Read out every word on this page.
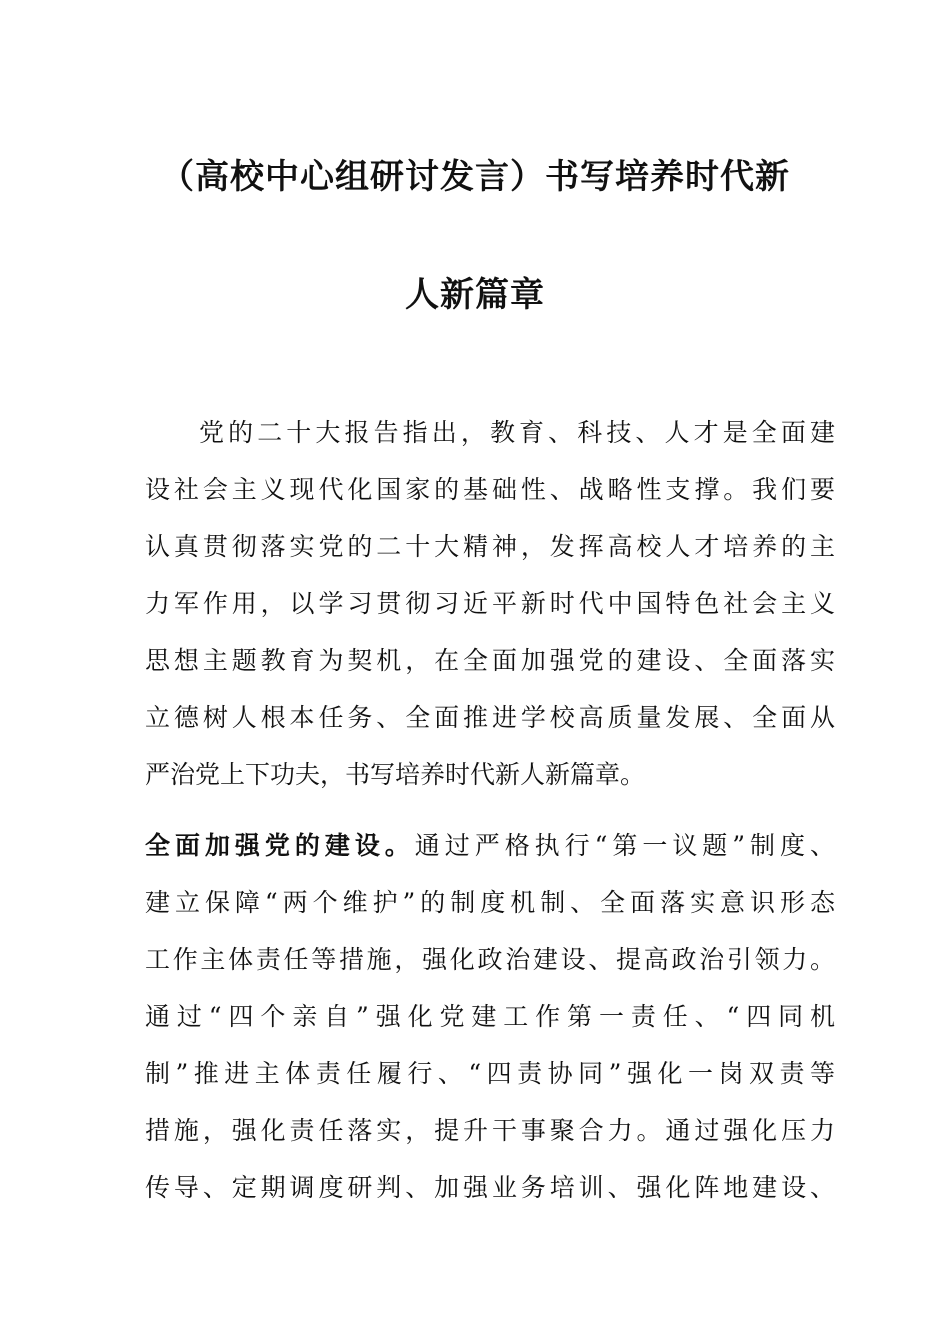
（高校中心组研讨发言）书写培养时代新
人新篇章
党的二十大报告指出，教育、科技、人才是全面建
设社会主义现代化国家的基础性、战略性支撑。我们要
认真贯彻落实党的二十大精神，发挥高校人才培养的主
力军作用，以学习贯彻习近平新时代中国特色社会主义
思想主题教育为契机，在全面加强党的建设、全面落实
立德树人根本任务、全面推进学校高质量发展、全面从
严治党上下功夫，书写培养时代新人新篇章。
全面加强党的建设。通过严格执行“第一议题”制度、
建立保障“两个维护”的制度机制、全面落实意识形态
工作主体责任等措施，强化政治建设、提高政治引领力。
通过“四个亲自”强化党建工作第一责任、“四同机
制”推进主体责任履行、“四责协同”强化一岗双责等
措施，强化责任落实，提升干事聚合力。通过强化压力
传导、定期调度研判、加强业务培训、强化阵地建设、
